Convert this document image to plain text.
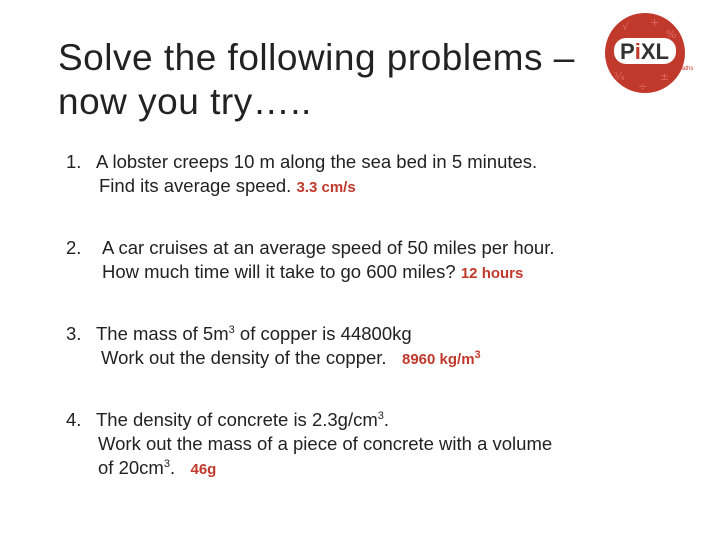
Solve the following problems –
now you try…..
√ +
%
¼
÷
±
PiXL
maths
1. A lobster creeps 10 m along the sea bed in 5 minutes.
Find its average speed. 3.3 cm/s
2. A car cruises at an average speed of 50 miles per hour.
How much time will it take to go 600 miles? 12 hours
3. The mass of $5m^3$ of copper is 44800kg
Work out the density of the copper. 8960 $kg/m^3$
4. The density of concrete is $2.3g/cm^3$.
Work out the mass of a piece of concrete with a volume
of $20cm^3$. 46g
